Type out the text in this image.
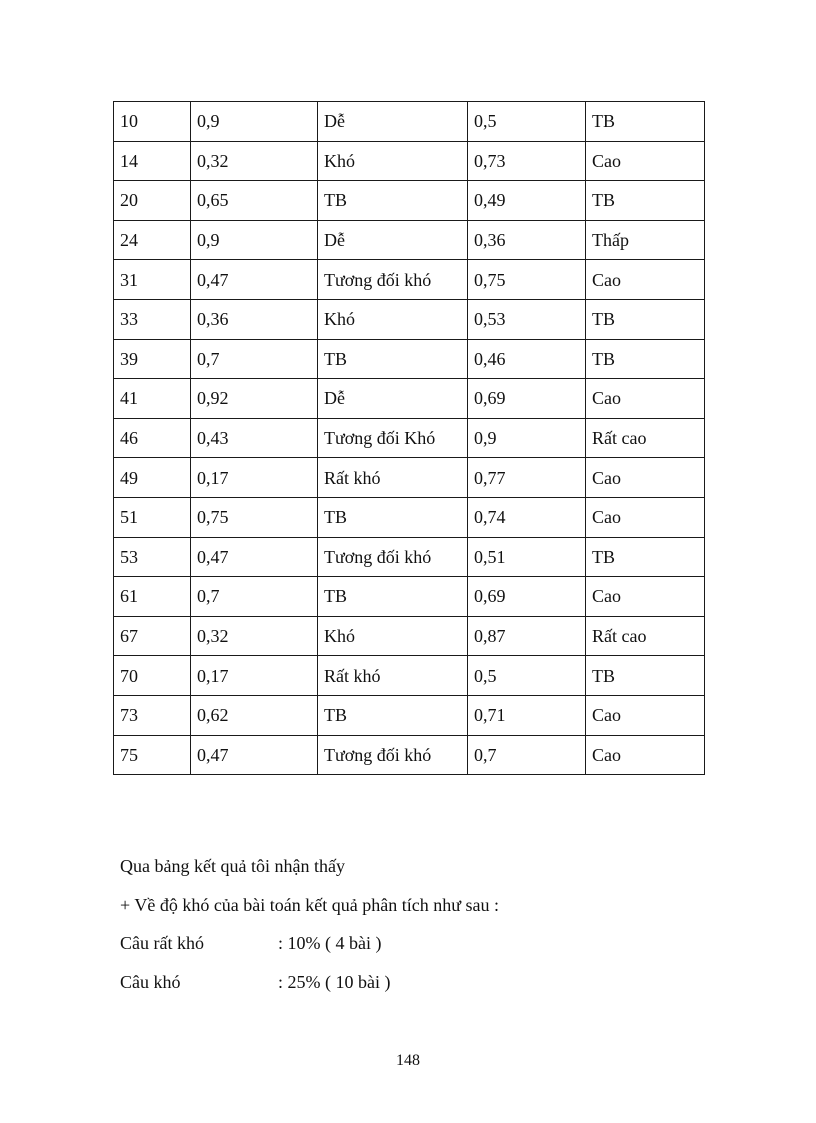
10	0,9	Dễ	0,5	TB
14	0,32	Khó	0,73	Cao
20	0,65	TB	0,49	TB
24	0,9	Dễ	0,36	Thấp
31	0,47	Tương đối khó	0,75	Cao
33	0,36	Khó	0,53	TB
39	0,7	TB	0,46	TB
41	0,92	Dễ	0,69	Cao
46	0,43	Tương đối Khó	0,9	Rất cao
49	0,17	Rất khó	0,77	Cao
51	0,75	TB	0,74	Cao
53	0,47	Tương đối khó	0,51	TB
61	0,7	TB	0,69	Cao
67	0,32	Khó	0,87	Rất cao
70	0,17	Rất khó	0,5	TB
73	0,62	TB	0,71	Cao
75	0,47	Tương đối khó	0,7	Cao
Qua bảng kết quả tôi nhận thấy
+ Về độ khó của bài toán kết quả phân tích như sau :
Câu rất khó	: 10% ( 4 bài )
Câu khó	: 25% ( 10 bài )
148
